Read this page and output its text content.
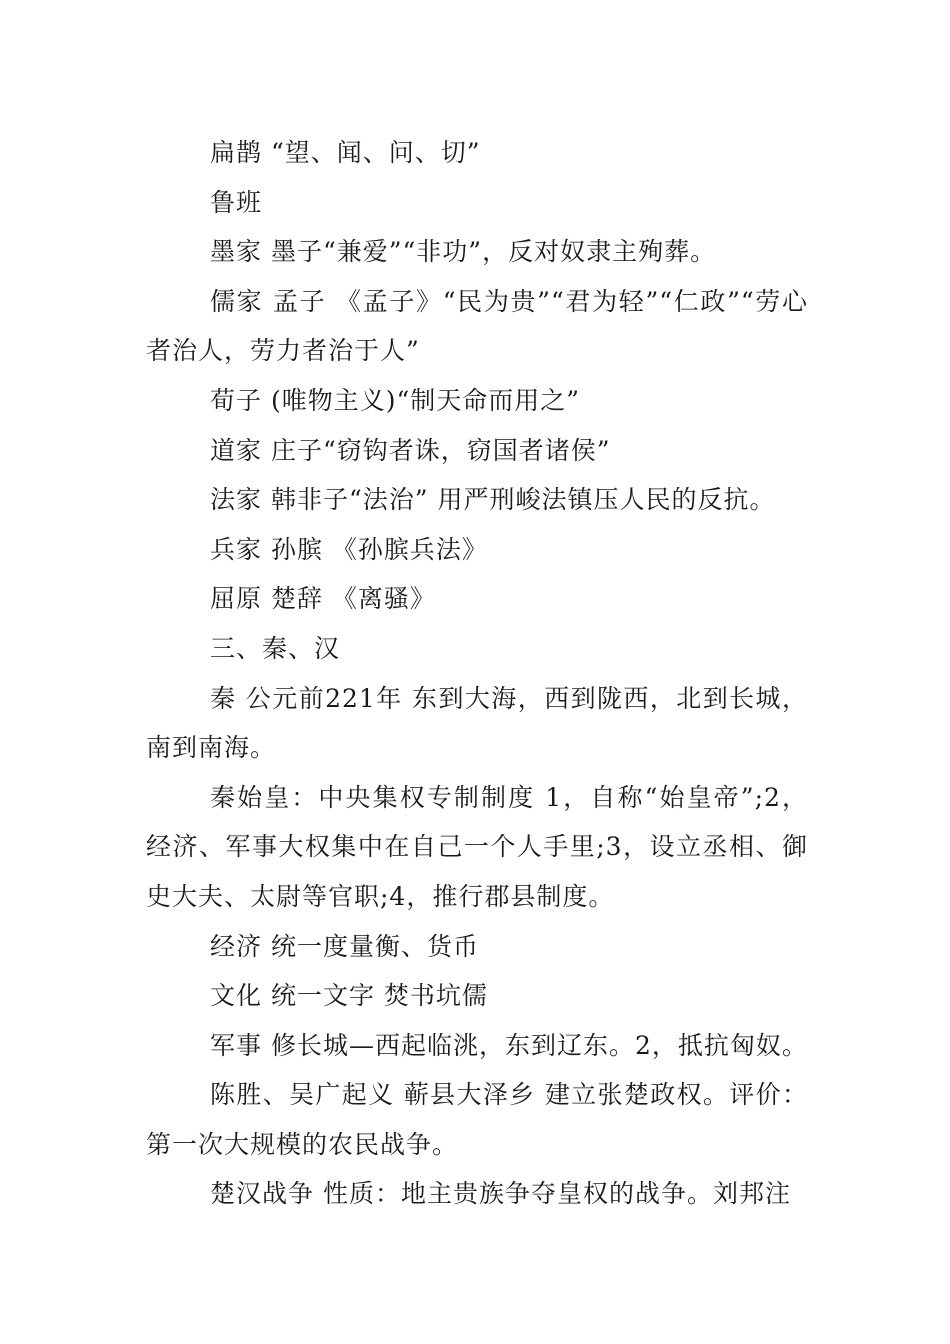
扁鹊 “望、闻、问、切”

鲁班

墨家 墨子“兼爱”“非功”，反对奴隶主殉葬。

儒家 孟子 《孟子》“民为贵”“君为轻”“仁政”“劳心者治人，劳力者治于人”

荀子 (唯物主义)“制天命而用之”

道家 庄子“窃钩者诛，窃国者诸侯”

法家 韩非子“法治” 用严刑峻法镇压人民的反抗。

兵家 孙膑 《孙膑兵法》

屈原 楚辞 《离骚》

三、秦、汉

秦 公元前221年 东到大海，西到陇西，北到长城，南到南海。

秦始皇：中央集权专制制度 1，自称“始皇帝”;2，经济、军事大权集中在自己一个人手里;3，设立丞相、御史大夫、太尉等官职;4，推行郡县制度。

经济 统一度量衡、货币

文化 统一文字 焚书坑儒

军事 修长城—西起临洮，东到辽东。2，抵抗匈奴。

陈胜、吴广起义 蕲县大泽乡 建立张楚政权。评价：第一次大规模的农民战争。

楚汉战争 性质：地主贵族争夺皇权的战争。刘邦注
